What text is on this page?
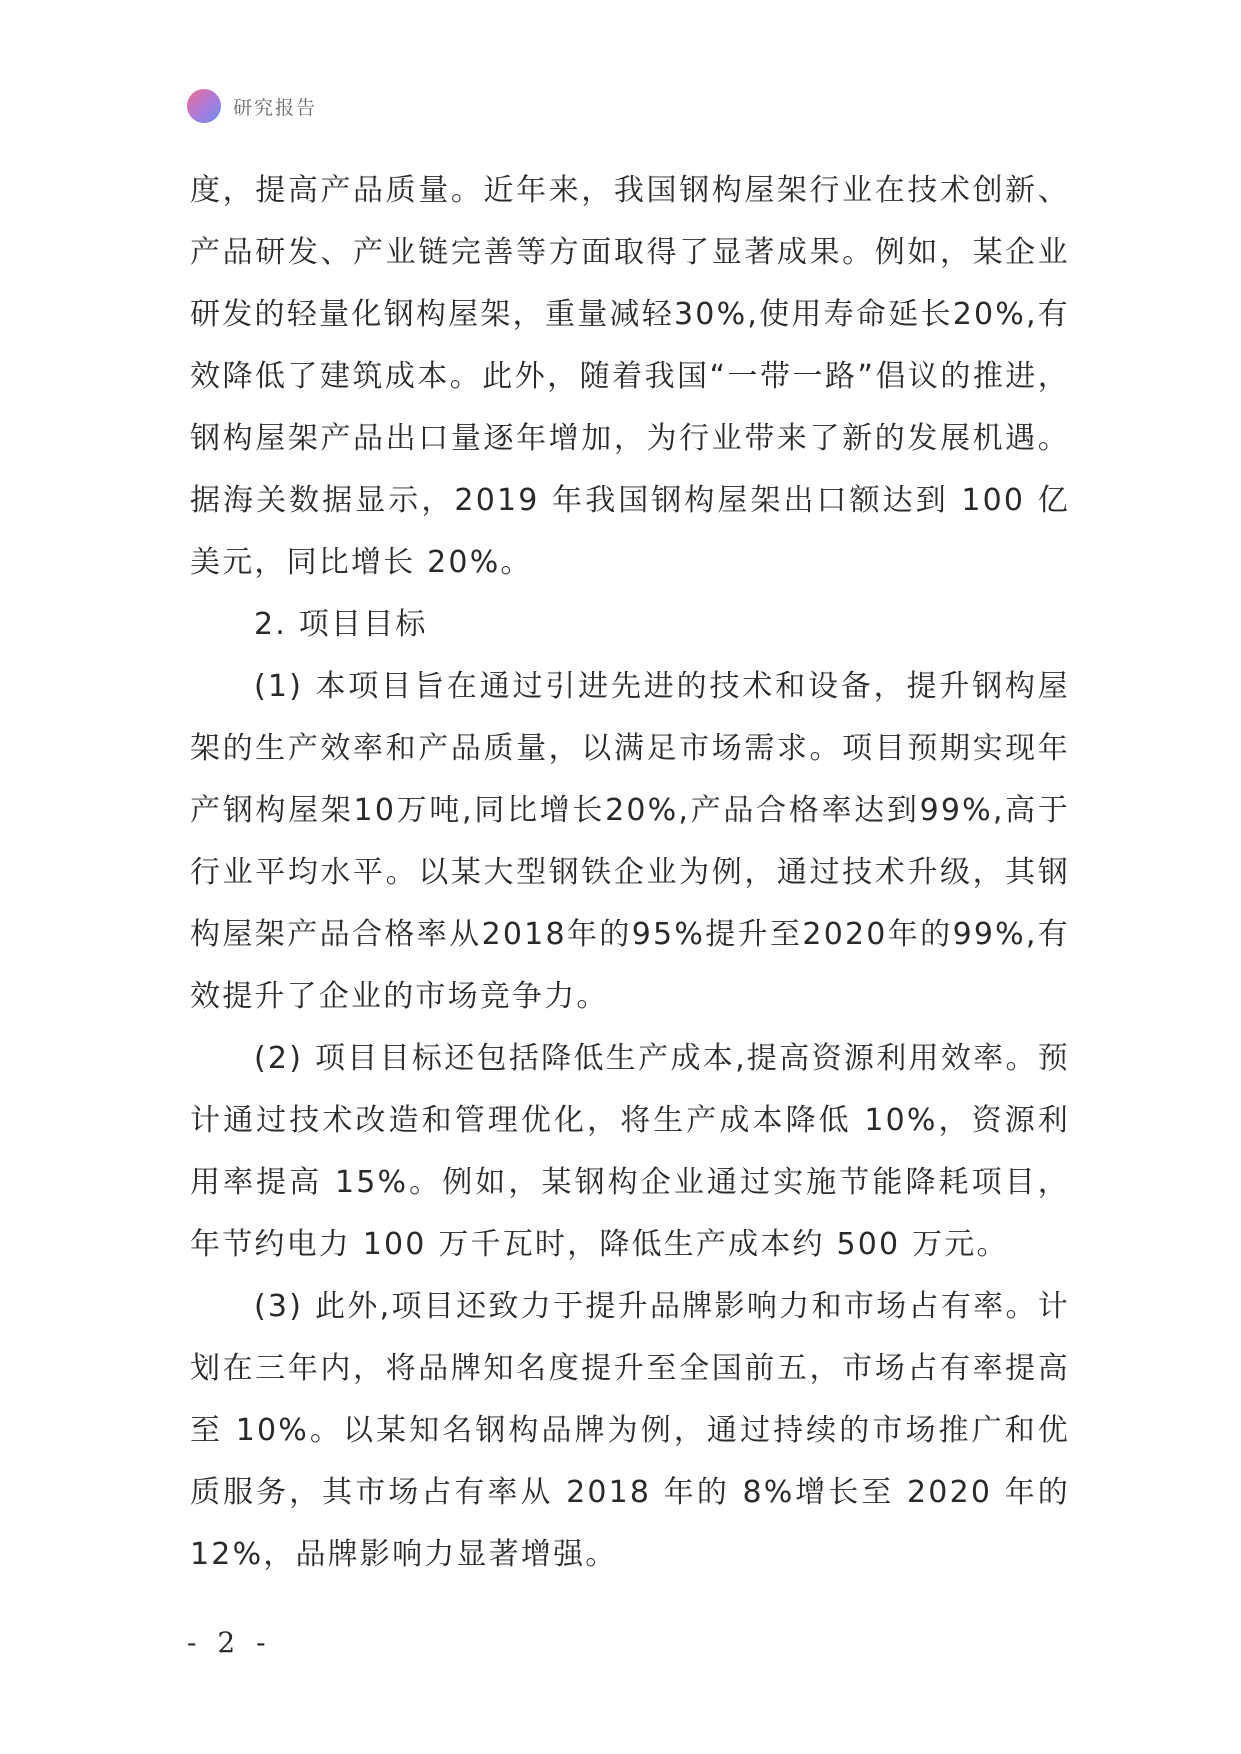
研究报告

度，提高产品质量。近年来，我国钢构屋架行业在技术创新、产品研发、产业链完善等方面取得了显著成果。例如，某企业研发的轻量化钢构屋架，重量减轻30%,使用寿命延长20%,有效降低了建筑成本。此外，随着我国“一带一路”倡议的推进，钢构屋架产品出口量逐年增加，为行业带来了新的发展机遇。据海关数据显示，2019 年我国钢构屋架出口额达到 100 亿美元，同比增长 20%。

2. 项目目标

(1) 本项目旨在通过引进先进的技术和设备，提升钢构屋架的生产效率和产品质量，以满足市场需求。项目预期实现年产钢构屋架10万吨,同比增长20%,产品合格率达到99%,高于行业平均水平。以某大型钢铁企业为例，通过技术升级，其钢构屋架产品合格率从2018年的95%提升至2020年的99%,有效提升了企业的市场竞争力。

(2) 项目目标还包括降低生产成本,提高资源利用效率。预计通过技术改造和管理优化，将生产成本降低 10%，资源利用率提高 15%。例如，某钢构企业通过实施节能降耗项目，年节约电力 100 万千瓦时，降低生产成本约 500 万元。

(3) 此外,项目还致力于提升品牌影响力和市场占有率。计划在三年内，将品牌知名度提升至全国前五，市场占有率提高至 10%。以某知名钢构品牌为例，通过持续的市场推广和优质服务，其市场占有率从 2018 年的 8%增长至 2020 年的 12%，品牌影响力显著增强。

- 2 -
